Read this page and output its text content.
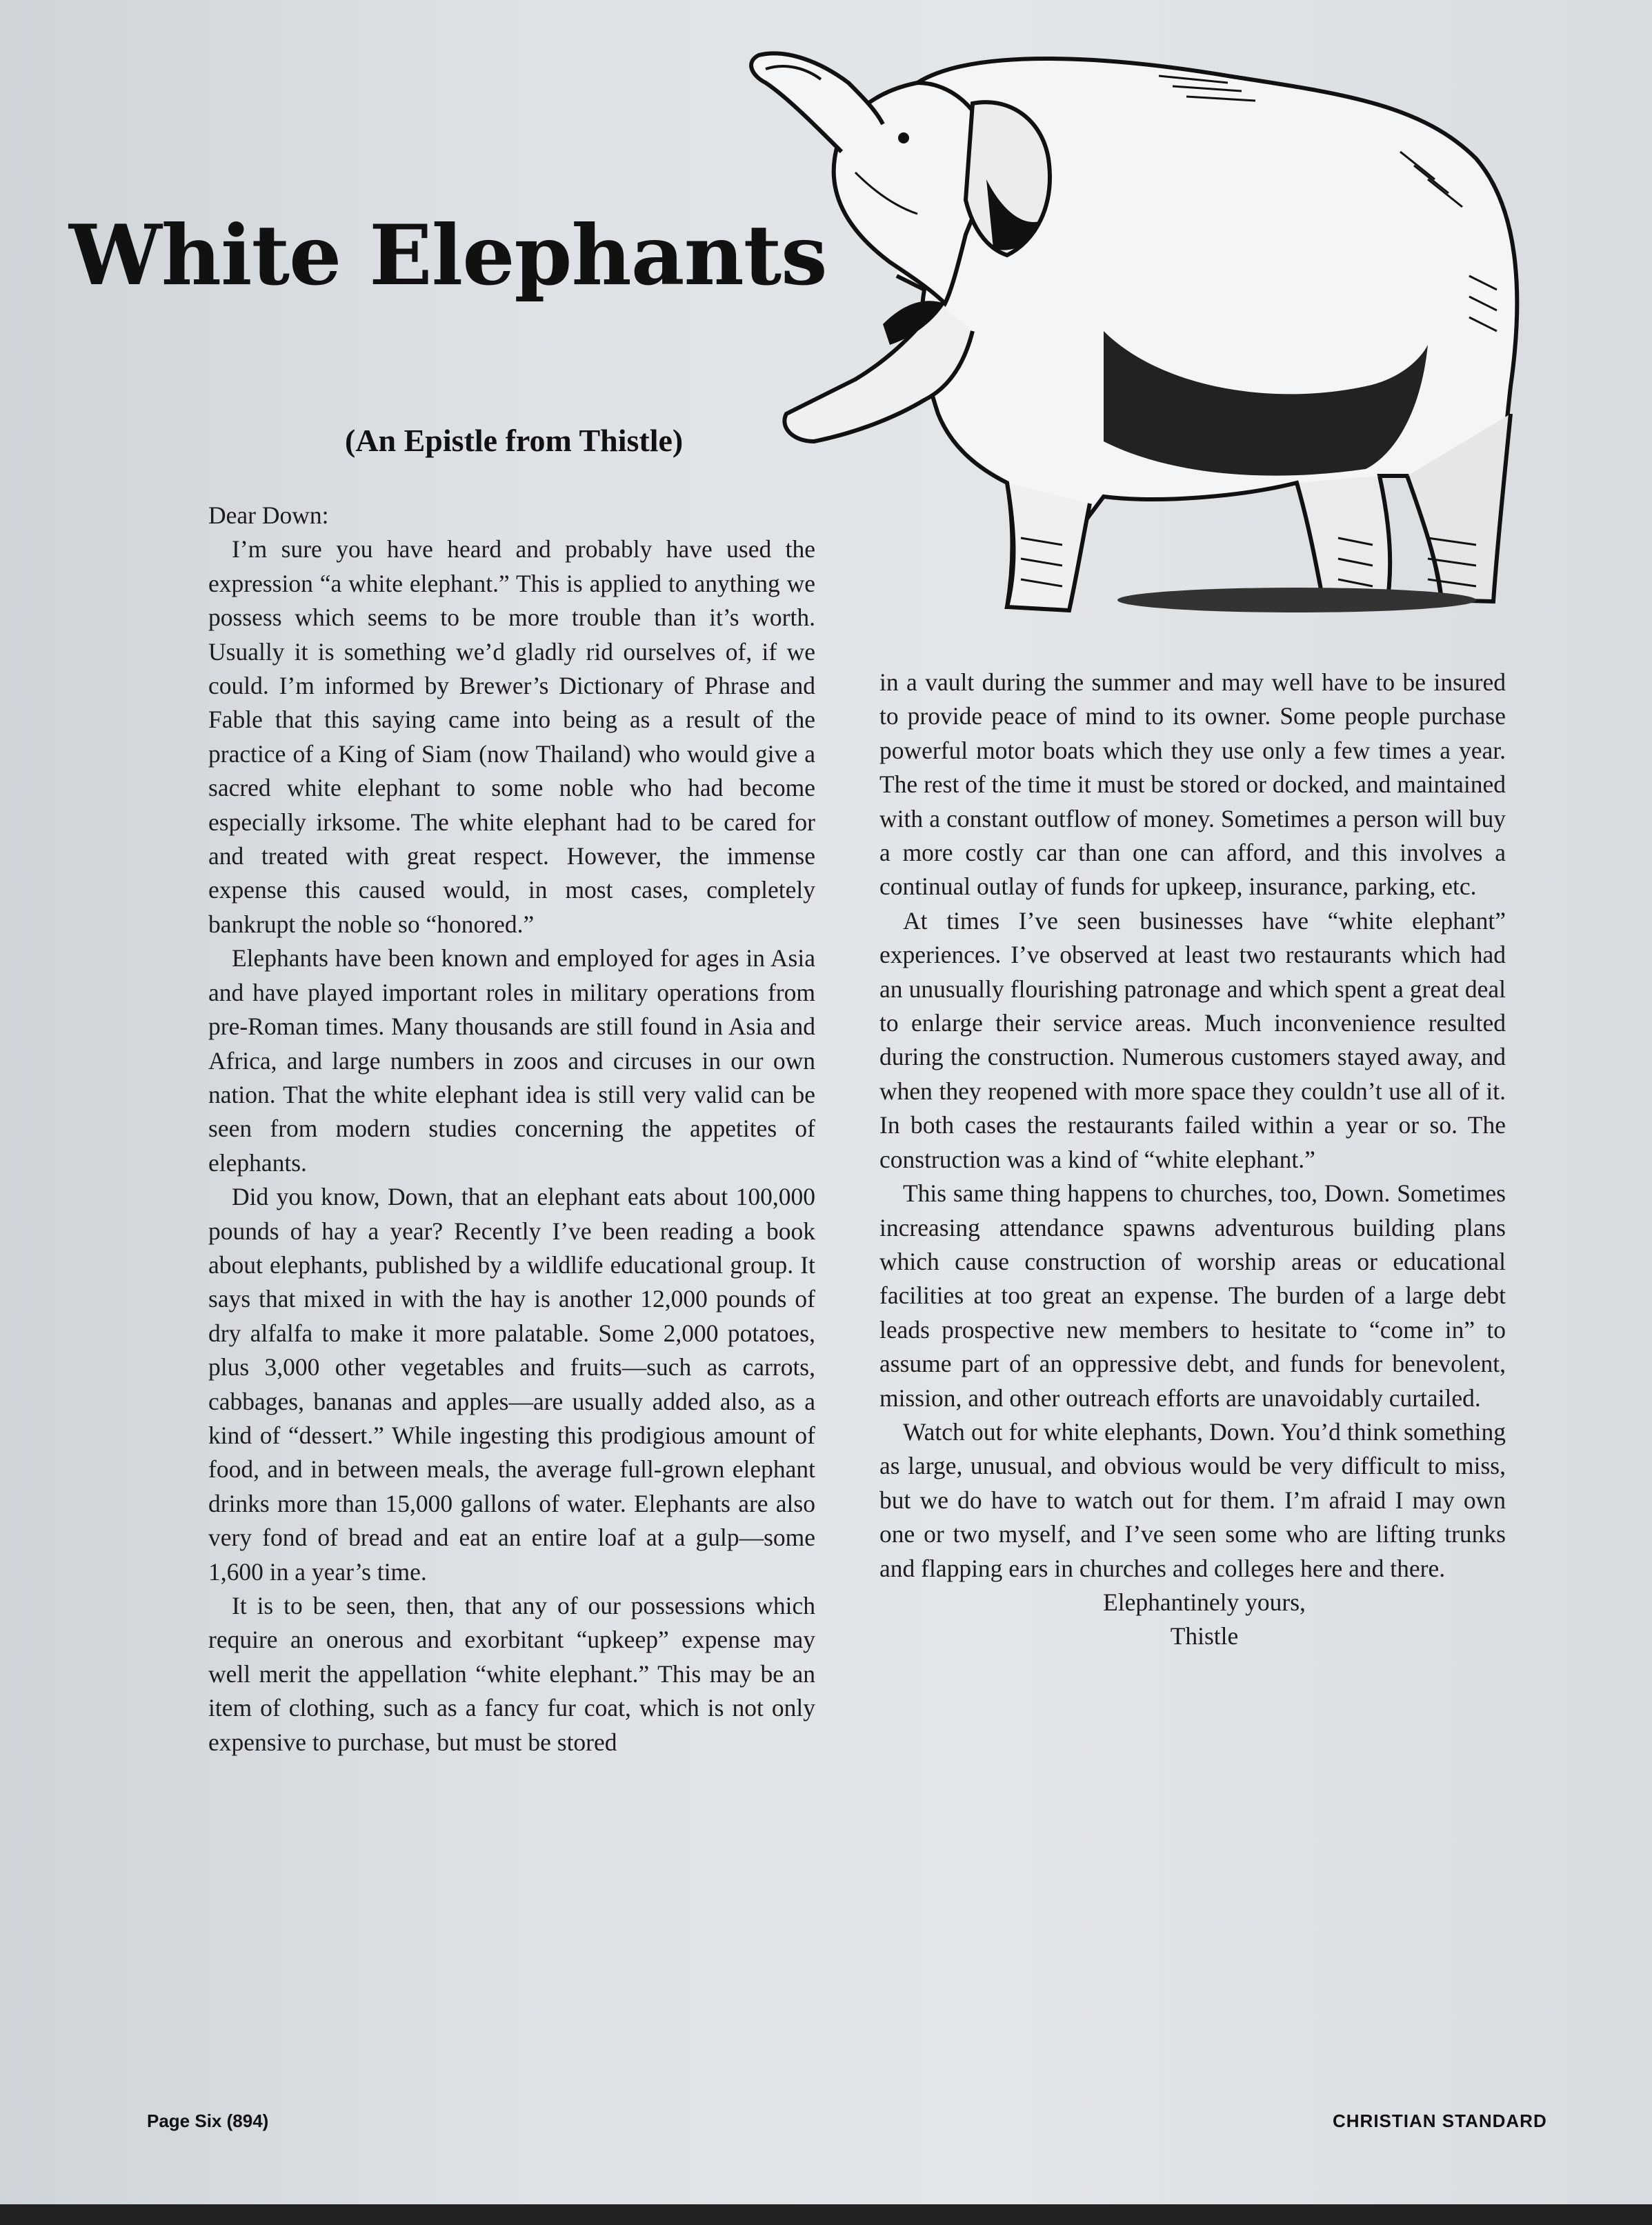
White Elephants
(An Epistle from Thistle)

Dear Down:

I’m sure you have heard and probably have used the expression “a white elephant.” This is applied to anything we possess which seems to be more trouble than it’s worth. Usually it is something we’d gladly rid ourselves of, if we could. I’m informed by Brewer’s Dictionary of Phrase and Fable that this saying came into being as a result of the practice of a King of Siam (now Thailand) who would give a sacred white elephant to some noble who had become especially irksome. The white elephant had to be cared for and treated with great respect. However, the immense expense this caused would, in most cases, completely bankrupt the noble so “honored.”

Elephants have been known and employed for ages in Asia and have played important roles in military operations from pre-Roman times. Many thousands are still found in Asia and Africa, and large numbers in zoos and circuses in our own nation. That the white elephant idea is still very valid can be seen from modern studies concerning the appetites of elephants.

Did you know, Down, that an elephant eats about 100,000 pounds of hay a year? Recently I’ve been reading a book about elephants, published by a wildlife educational group. It says that mixed in with the hay is another 12,000 pounds of dry alfalfa to make it more palatable. Some 2,000 potatoes, plus 3,000 other vegetables and fruits—such as carrots, cabbages, bananas and apples—are usually added also, as a kind of “dessert.” While ingesting this prodigious amount of food, and in between meals, the average full-grown elephant drinks more than 15,000 gallons of water. Elephants are also very fond of bread and eat an entire loaf at a gulp—some 1,600 in a year’s time.

It is to be seen, then, that any of our possessions which require an onerous and exorbitant “upkeep” expense may well merit the appellation “white elephant.” This may be an item of clothing, such as a fancy fur coat, which is not only expensive to purchase, but must be stored

in a vault during the summer and may well have to be insured to provide peace of mind to its owner. Some people purchase powerful motor boats which they use only a few times a year. The rest of the time it must be stored or docked, and maintained with a constant outflow of money. Sometimes a person will buy a more costly car than one can afford, and this involves a continual outlay of funds for upkeep, insurance, parking, etc.

At times I’ve seen businesses have “white elephant” experiences. I’ve observed at least two restaurants which had an unusually flourishing patronage and which spent a great deal to enlarge their service areas. Much inconvenience resulted during the construction. Numerous customers stayed away, and when they reopened with more space they couldn’t use all of it. In both cases the restaurants failed within a year or so. The construction was a kind of “white elephant.”

This same thing happens to churches, too, Down. Sometimes increasing attendance spawns adventurous building plans which cause construction of worship areas or educational facilities at too great an expense. The burden of a large debt leads prospective new members to hesitate to “come in” to assume part of an oppressive debt, and funds for benevolent, mission, and other outreach efforts are unavoidably curtailed.

Watch out for white elephants, Down. You’d think something as large, unusual, and obvious would be very difficult to miss, but we do have to watch out for them. I’m afraid I may own one or two myself, and I’ve seen some who are lifting trunks and flapping ears in churches and colleges here and there.

Elephantinely yours,

Thistle

Page Six (894)	CHRISTIAN STANDARD
